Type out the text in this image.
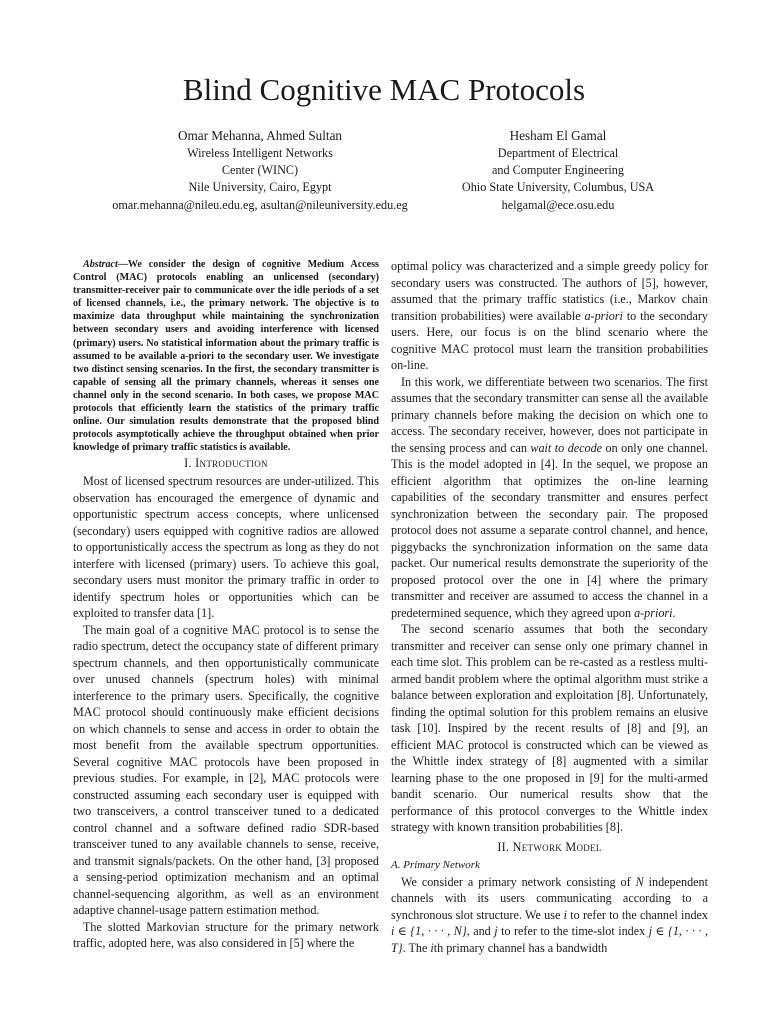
Blind Cognitive MAC Protocols
Omar Mehanna, Ahmed Sultan
Wireless Intelligent Networks
Center (WINC)
Nile University, Cairo, Egypt
omar.mehanna@nileu.edu.eg, asultan@nileuniversity.edu.eg
Hesham El Gamal
Department of Electrical
and Computer Engineering
Ohio State University, Columbus, USA
helgamal@ece.osu.edu

Abstract—We consider the design of cognitive Medium Access Control (MAC) protocols enabling an unlicensed (secondary) transmitter-receiver pair to communicate over the idle periods of a set of licensed channels, i.e., the primary network. The objective is to maximize data throughput while maintaining the synchronization between secondary users and avoiding interference with licensed (primary) users. No statistical information about the primary traffic is assumed to be available a-priori to the secondary user. We investigate two distinct sensing scenarios. In the first, the secondary transmitter is capable of sensing all the primary channels, whereas it senses one channel only in the second scenario. In both cases, we propose MAC protocols that efficiently learn the statistics of the primary traffic online. Our simulation results demonstrate that the proposed blind protocols asymptotically achieve the throughput obtained when prior knowledge of primary traffic statistics is available.

I. Introduction

Most of licensed spectrum resources are under-utilized. This observation has encouraged the emergence of dynamic and opportunistic spectrum access concepts, where unlicensed (secondary) users equipped with cognitive radios are allowed to opportunistically access the spectrum as long as they do not interfere with licensed (primary) users. To achieve this goal, secondary users must monitor the primary traffic in order to identify spectrum holes or opportunities which can be exploited to transfer data [1].

The main goal of a cognitive MAC protocol is to sense the radio spectrum, detect the occupancy state of different primary spectrum channels, and then opportunistically communicate over unused channels (spectrum holes) with minimal interference to the primary users. Specifically, the cognitive MAC protocol should continuously make efficient decisions on which channels to sense and access in order to obtain the most benefit from the available spectrum opportunities. Several cognitive MAC protocols have been proposed in previous studies. For example, in [2], MAC protocols were constructed assuming each secondary user is equipped with two transceivers, a control transceiver tuned to a dedicated control channel and a software defined radio SDR-based transceiver tuned to any available channels to sense, receive, and transmit signals/packets. On the other hand, [3] proposed a sensing-period optimization mechanism and an optimal channel-sequencing algorithm, as well as an environment adaptive channel-usage pattern estimation method.

The slotted Markovian structure for the primary network traffic, adopted here, was also considered in [5] where the

optimal policy was characterized and a simple greedy policy for secondary users was constructed. The authors of [5], however, assumed that the primary traffic statistics (i.e., Markov chain transition probabilities) were available a-priori to the secondary users. Here, our focus is on the blind scenario where the cognitive MAC protocol must learn the transition probabilities on-line.

In this work, we differentiate between two scenarios. The first assumes that the secondary transmitter can sense all the available primary channels before making the decision on which one to access. The secondary receiver, however, does not participate in the sensing process and can wait to decode on only one channel. This is the model adopted in [4]. In the sequel, we propose an efficient algorithm that optimizes the on-line learning capabilities of the secondary transmitter and ensures perfect synchronization between the secondary pair. The proposed protocol does not assume a separate control channel, and hence, piggybacks the synchronization information on the same data packet. Our numerical results demonstrate the superiority of the proposed protocol over the one in [4] where the primary transmitter and receiver are assumed to access the channel in a predetermined sequence, which they agreed upon a-priori.

The second scenario assumes that both the secondary transmitter and receiver can sense only one primary channel in each time slot. This problem can be re-casted as a restless multi-armed bandit problem where the optimal algorithm must strike a balance between exploration and exploitation [8]. Unfortunately, finding the optimal solution for this problem remains an elusive task [10]. Inspired by the recent results of [8] and [9], an efficient MAC protocol is constructed which can be viewed as the Whittle index strategy of [8] augmented with a similar learning phase to the one proposed in [9] for the multi-armed bandit scenario. Our numerical results show that the performance of this protocol converges to the Whittle index strategy with known transition probabilities [8].

II. Network Model
A. Primary Network

We consider a primary network consisting of N independent channels with its users communicating according to a synchronous slot structure. We use i to refer to the channel index i ∈ {1, · · · , N}, and j to refer to the time-slot index j ∈ {1, · · · , T}. The ith primary channel has a bandwidth
